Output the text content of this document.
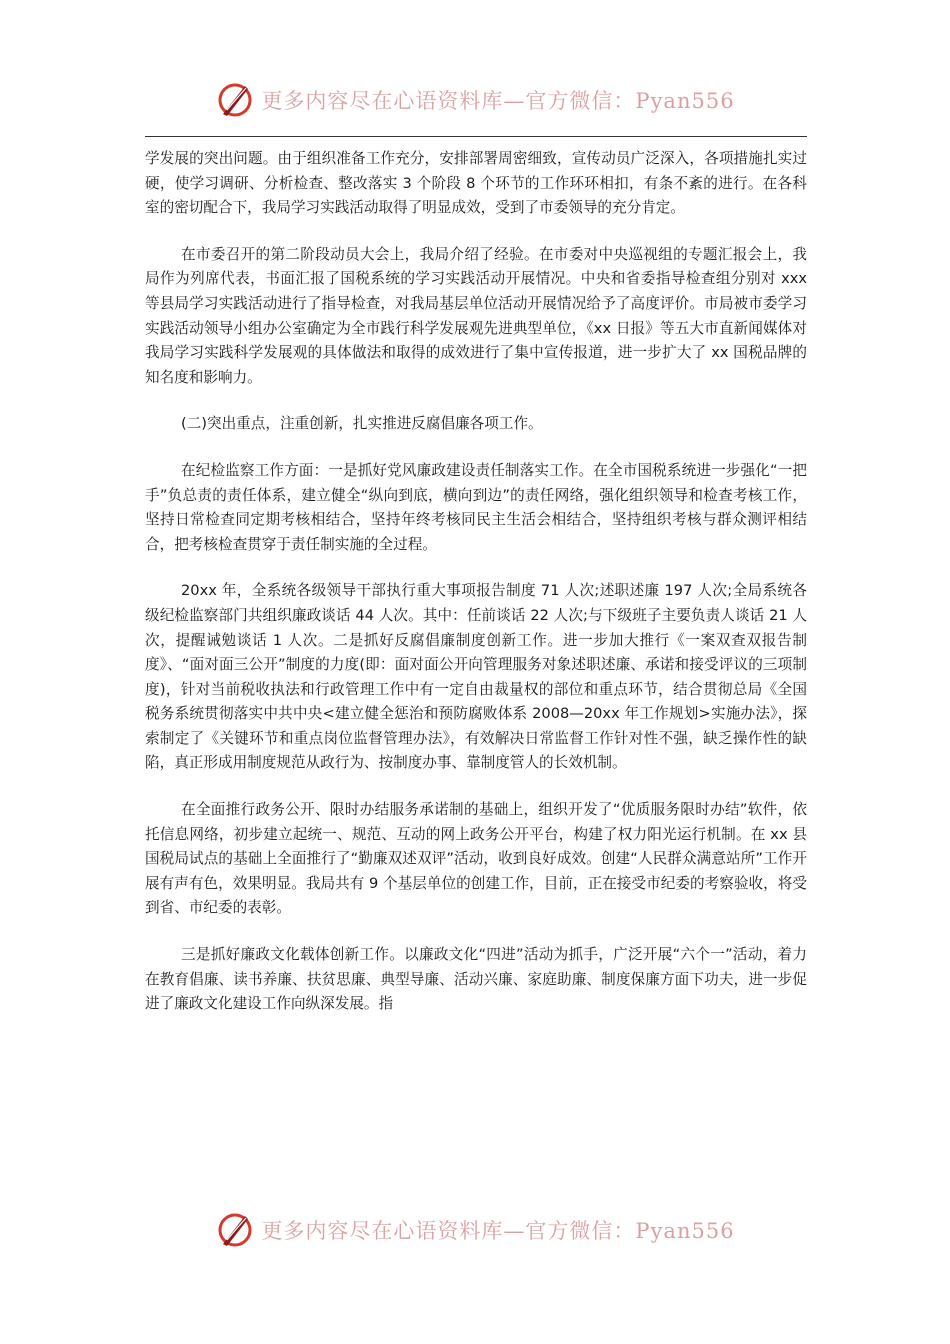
更多内容尽在心语资料库—官方微信：Pyan556

学发展的突出问题。由于组织准备工作充分，安排部署周密细致，宣传动员广泛深入，各项措施扎实过硬，使学习调研、分析检查、整改落实 3 个阶段 8 个环节的工作环环相扣，有条不紊的进行。在各科室的密切配合下，我局学习实践活动取得了明显成效，受到了市委领导的充分肯定。

在市委召开的第二阶段动员大会上，我局介绍了经验。在市委对中央巡视组的专题汇报会上，我局作为列席代表，书面汇报了国税系统的学习实践活动开展情况。中央和省委指导检查组分别对 xxx 等县局学习实践活动进行了指导检查，对我局基层单位活动开展情况给予了高度评价。市局被市委学习实践活动领导小组办公室确定为全市践行科学发展观先进典型单位，《xx 日报》等五大市直新闻媒体对我局学习实践科学发展观的具体做法和取得的成效进行了集中宣传报道，进一步扩大了 xx 国税品牌的知名度和影响力。

(二)突出重点，注重创新，扎实推进反腐倡廉各项工作。

在纪检监察工作方面：一是抓好党风廉政建设责任制落实工作。在全市国税系统进一步强化“一把手”负总责的责任体系，建立健全“纵向到底，横向到边”的责任网络，强化组织领导和检查考核工作，坚持日常检查同定期考核相结合，坚持年终考核同民主生活会相结合，坚持组织考核与群众测评相结合，把考核检查贯穿于责任制实施的全过程。

20xx 年，全系统各级领导干部执行重大事项报告制度 71 人次;述职述廉 197 人次;全局系统各级纪检监察部门共组织廉政谈话 44 人次。其中：任前谈话 22 人次;与下级班子主要负责人谈话 21 人次，提醒诫勉谈话 1 人次。二是抓好反腐倡廉制度创新工作。进一步加大推行《一案双查双报告制度》、“面对面三公开”制度的力度(即：面对面公开向管理服务对象述职述廉、承诺和接受评议的三项制度)，针对当前税收执法和行政管理工作中有一定自由裁量权的部位和重点环节，结合贯彻总局《全国税务系统贯彻落实中共中央<建立健全惩治和预防腐败体系 2008—20xx 年工作规划>实施办法》，探索制定了《关键环节和重点岗位监督管理办法》，有效解决日常监督工作针对性不强，缺乏操作性的缺陷，真正形成用制度规范从政行为、按制度办事、靠制度管人的长效机制。

在全面推行政务公开、限时办结服务承诺制的基础上，组织开发了“优质服务限时办结”软件，依托信息网络，初步建立起统一、规范、互动的网上政务公开平台，构建了权力阳光运行机制。在 xx 县国税局试点的基础上全面推行了“勤廉双述双评”活动，收到良好成效。创建“人民群众满意站所”工作开展有声有色，效果明显。我局共有 9 个基层单位的创建工作，目前，正在接受市纪委的考察验收，将受到省、市纪委的表彰。

三是抓好廉政文化载体创新工作。以廉政文化“四进”活动为抓手，广泛开展“六个一”活动，着力在教育倡廉、读书养廉、扶贫思廉、典型导廉、活动兴廉、家庭助廉、制度保廉方面下功夫，进一步促进了廉政文化建设工作向纵深发展。指

更多内容尽在心语资料库—官方微信：Pyan556
